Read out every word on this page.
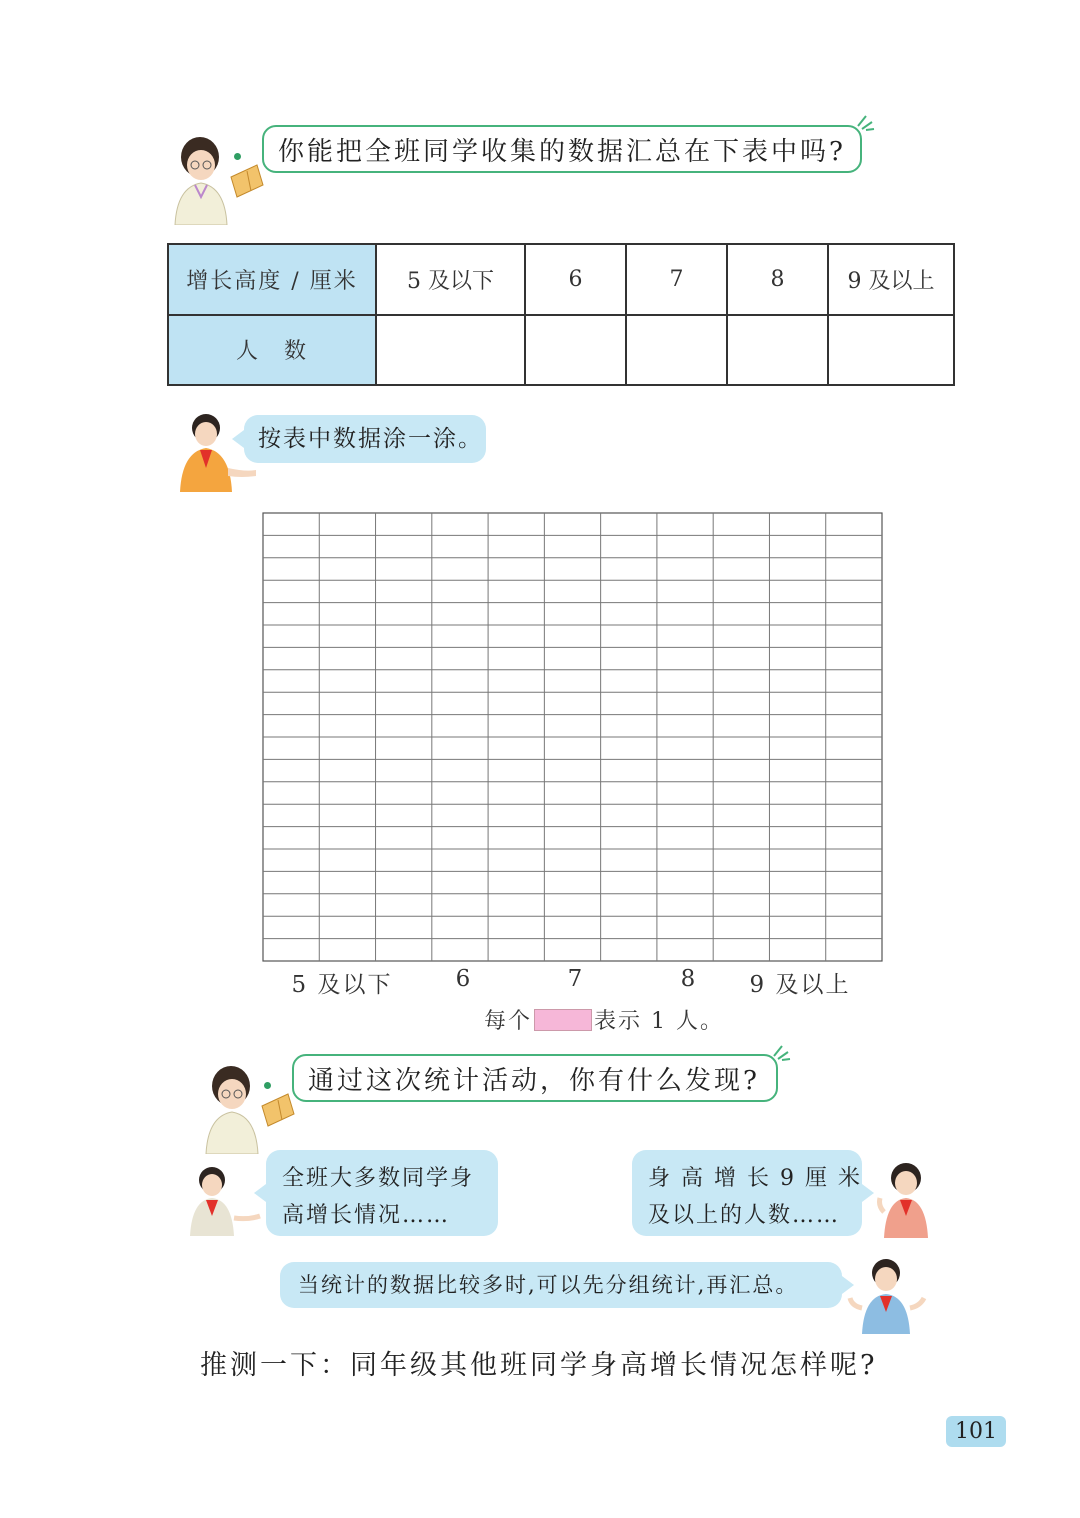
你能把全班同学收集的数据汇总在下表中吗?
增长高度 / 厘米	5 及以下	6	7	8	9 及以上
人　数					
按表中数据涂一涂。
5 及以下	6	7	8	9 及以上
每个	表示 1 人。
通过这次统计活动，你有什么发现?
全班大多数同学身
高增长情况……
身 高 增 长 9 厘 米
及以上的人数……
当统计的数据比较多时,可以先分组统计,再汇总。
推测一下：同年级其他班同学身高增长情况怎样呢?
101
